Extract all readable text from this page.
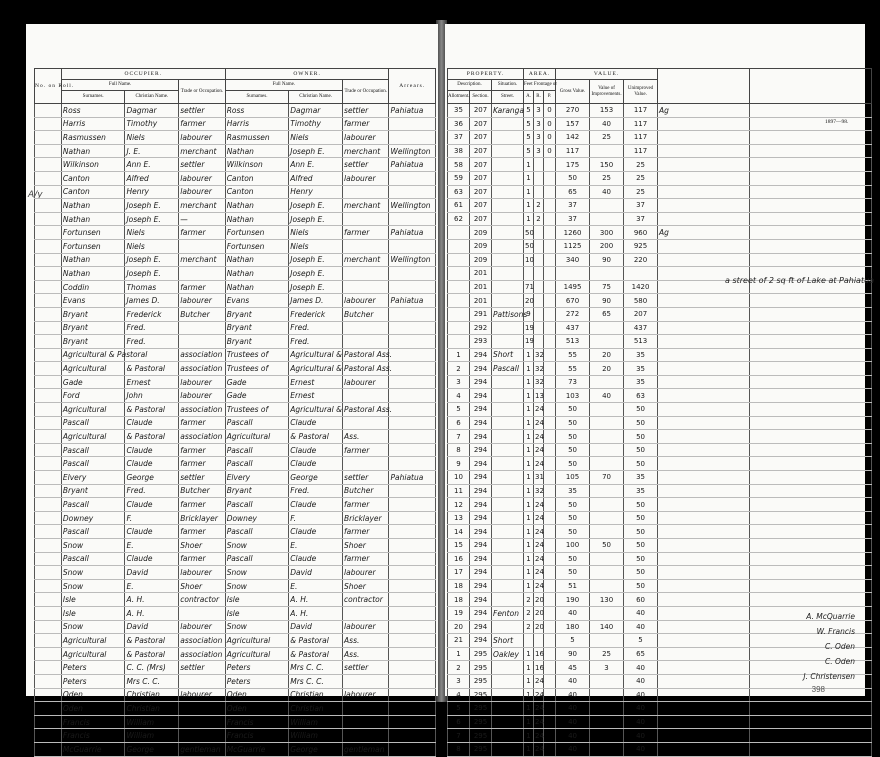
A/y
No. on Roll.	OCCUPIER.			OWNER.			Arrears.
	Full Name.		Trade or Occupation.	Full Name.		Trade or Occupation.	
	Surnames.	Christian Name.		Surnames.	Christian Name.		
	Ross	Dagmar	settler	Ross	Dagmar	settler	Pahiatua
	Harris	Timothy	farmer	Harris	Timothy	farmer	
	Rasmussen	Niels	labourer	Rasmussen	Niels	labourer	
	Nathan	J. E.	merchant	Nathan	Joseph E.	merchant	Wellington
	Wilkinson	Ann E.	settler	Wilkinson	Ann E.	settler	Pahiatua
	Canton	Alfred	labourer	Canton	Alfred	labourer	
	Canton	Henry	labourer	Canton	Henry		
	Nathan	Joseph E.	merchant	Nathan	Joseph E.	merchant	Wellington
	Nathan	Joseph E.	—	Nathan	Joseph E.		
	Fortunsen	Niels	farmer	Fortunsen	Niels	farmer	Pahiatua
	Fortunsen	Niels		Fortunsen	Niels		
	Nathan	Joseph E.	merchant	Nathan	Joseph E.	merchant	Wellington
	Nathan	Joseph E.		Nathan	Joseph E.		
	Coddin	Thomas	farmer	Nathan	Joseph E.		
	Evans	James D.	labourer	Evans	James D.	labourer	Pahiatua
	Bryant	Frederick	Butcher	Bryant	Frederick	Butcher	
	Bryant	Fred.		Bryant	Fred.		
	Bryant	Fred.		Bryant	Fred.		
	Agricultural & Pastoral		association	Trustees of	Agricultural &	Pastoral Ass.	
	Agricultural	& Pastoral	association	Trustees of	Agricultural &	Pastoral Ass.	
	Gade	Ernest	labourer	Gade	Ernest	labourer	
	Ford	John	labourer	Gade	Ernest		
	Agricultural	& Pastoral	association	Trustees of	Agricultural &	Pastoral Ass.	
	Pascall	Claude	farmer	Pascall	Claude		
	Agricultural	& Pastoral	association	Agricultural	& Pastoral	Ass.	
	Pascall	Claude	farmer	Pascall	Claude	farmer	
	Pascall	Claude	farmer	Pascall	Claude		
	Elvery	George	settler	Elvery	George	settler	Pahiatua
	Bryant	Fred.	Butcher	Bryant	Fred.	Butcher	
	Pascall	Claude	farmer	Pascall	Claude	farmer	
	Downey	F.	Bricklayer	Downey	F.	Bricklayer	
	Pascall	Claude	farmer	Pascall	Claude	farmer	
	Snow	E.	Shoer	Snow	E.	Shoer	
	Pascall	Claude	farmer	Pascall	Claude	farmer	
	Snow	David	labourer	Snow	David	labourer	
	Snow	E.	Shoer	Snow	E.	Shoer	
	Isle	A. H.	contractor	Isle	A. H.	contractor	
	Isle	A. H.		Isle	A. H.		
	Snow	David	labourer	Snow	David	labourer	
	Agricultural	& Pastoral	association	Agricultural	& Pastoral	Ass.	
	Agricultural	& Pastoral	association	Agricultural	& Pastoral	Ass.	
	Peters	C. C. (Mrs)	settler	Peters	Mrs C. C.	settler	
	Peters	Mrs C. C.		Peters	Mrs C. C.		
	Oden	Christian	labourer	Oden	Christian	labourer	
	Oden	Christian		Oden	Christian		
	Francis	William		Francis	William		
	Francis	William		Francis	William		
	McGuarrie	George	gentleman	McGuarrie	George	gentleman	
PROPERTY.			AREA.			VALUE.				
Description.		Situation.	Feet Frontage or			Gross Value.	Value of Improvements.	Unimproved Value.		
Allotment.	Section.	Street.	A.	R.	P.					
35	207	Karanga	5	3	0	270	153	117	Ag	
36	207		5	3	0	157	40	117		
37	207		5	3	0	142	25	117		
38	207		5	3	0	117		117		
58	207		1			175	150	25		
59	207		1			50	25	25		
63	207		1			65	40	25		
61	207		1	2		37		37		
62	207		1	2		37		37		
	209		50			1260	300	960	Ag	
	209		50			1125	200	925		
	209		10			340	90	220		
	201									
	201		71			1495	75	1420		
	201		20			670	90	580		
	291	Pattisons	9			272	65	207		
	292		19			437		437		
	293		19			513		513		
1	294	Short	1	32		55	20	35		
2	294	Pascall	1	32		55	20	35		
3	294		1	32		73		35		
4	294		1	13		103	40	63		
5	294		1	24		50		50		
6	294		1	24		50		50		
7	294		1	24		50		50		
8	294		1	24		50		50		
9	294		1	24		50		50		
10	294		1	31		105	70	35		
11	294		1	32		35		35		
12	294		1	24		50		50		
13	294		1	24		50		50		
14	294		1	24		50		50		
15	294		1	24		100	50	50		
16	294		1	24		50		50		
17	294		1	24		50		50		
18	294		1	24		51		50		
18	294		2	20		190	130	60		
19	294	Fenton	2	20		40		40		
20	294		2	20		180	140	40		
21	294	Short				5		5		
1	295	Oakley	1	16		90	25	65		
2	295		1	16		45	3	40		
3	295		1	24		40		40		
4	295		1	24		40		40		
5	295		1	24		40		40		
6	295		1	24		40		40		
7	295		1	24		40		40		
8	295		1	24		40		40		
1897—98.
a street of 2 sq ft of Lake at Pahiatua
A. McQuarrie
W. Francis
C. Oden
C. Oden
J. Christensen
398
